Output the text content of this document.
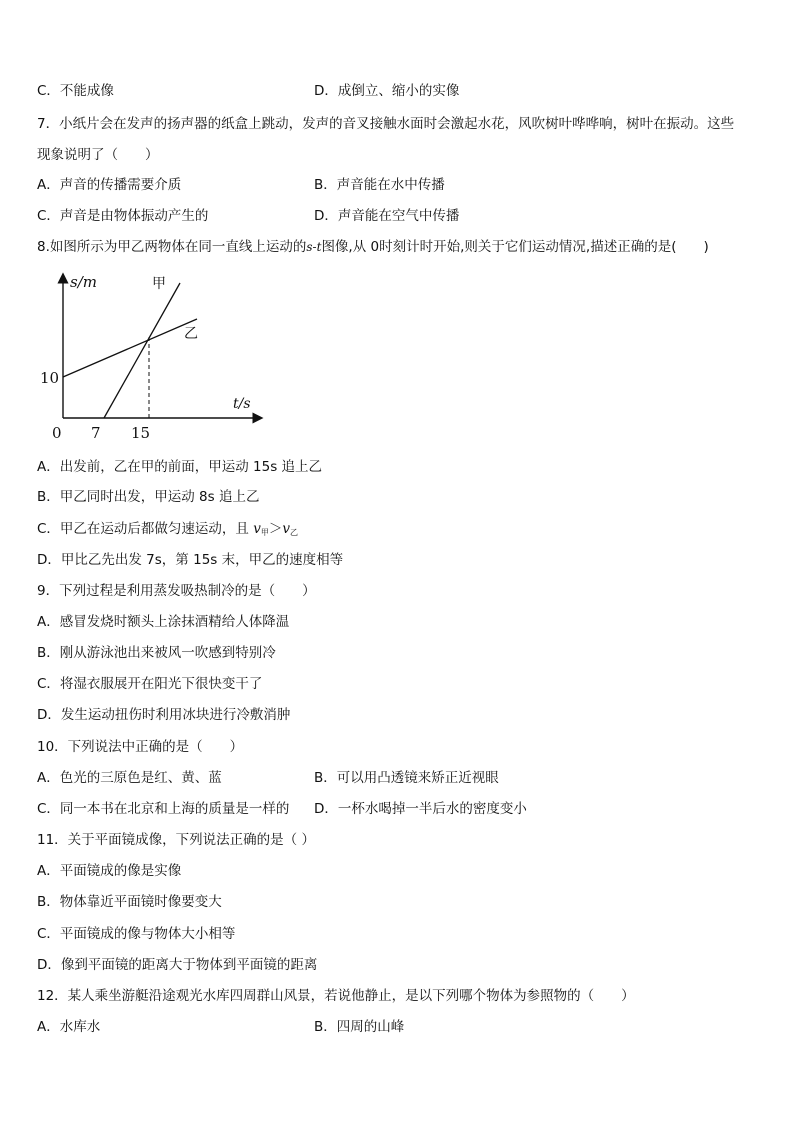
C．不能成像	D．成倒立、缩小的实像
7．小纸片会在发声的扬声器的纸盒上跳动，发声的音叉接触水面时会激起水花，风吹树叶哗哗响，树叶在振动。这些
现象说明了（　　）
A．声音的传播需要介质	B．声音能在水中传播
C．声音是由物体振动产生的	D．声音能在空气中传播
8.如图所示为甲乙两物体在同一直线上运动的s-t图像,从 0时刻计时开始,则关于它们运动情况,描述正确的是(　　)
s/m
t/s
甲
乙
10
0 7 15
A．出发前，乙在甲的前面，甲运动 15s 追上乙
B．甲乙同时出发，甲运动 8s 追上乙
C．甲乙在运动后都做匀速运动，且 $v_甲>v_乙$
D．甲比乙先出发 7s，第 15s 末，甲乙的速度相等
9．下列过程是利用蒸发吸热制冷的是（　　）
A．感冒发烧时额头上涂抹酒精给人体降温
B．刚从游泳池出来被风一吹感到特别冷
C．将湿衣服展开在阳光下很快变干了
D．发生运动扭伤时利用冰块进行冷敷消肿
10．下列说法中正确的是（　　）
A．色光的三原色是红、黄、蓝	B．可以用凸透镜来矫正近视眼
C．同一本书在北京和上海的质量是一样的 D．一杯水喝掉一半后水的密度变小
11．关于平面镜成像，下列说法正确的是（ ）
A．平面镜成的像是实像
B．物体靠近平面镜时像要变大
C．平面镜成的像与物体大小相等
D．像到平面镜的距离大于物体到平面镜的距离
12．某人乘坐游艇沿途观光水库四周群山风景，若说他静止，是以下列哪个物体为参照物的（　　）
A．水库水	B．四周的山峰
